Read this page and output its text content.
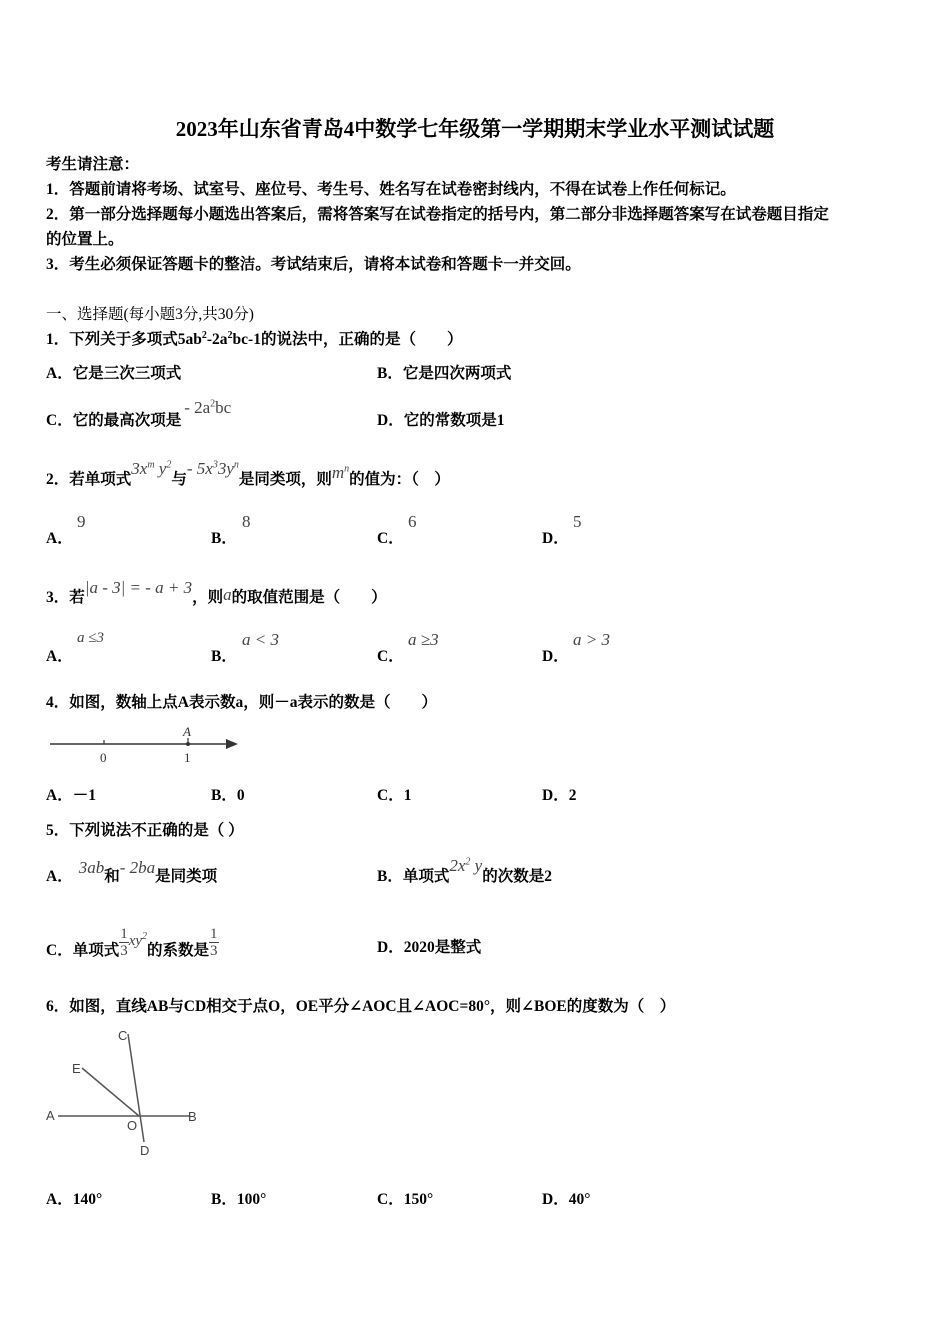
2023年山东省青岛4中数学七年级第一学期期末学业水平测试试题
考生请注意：
1．答题前请将考场、试室号、座位号、考生号、姓名写在试卷密封线内，不得在试卷上作任何标记。
2．第一部分选择题每小题选出答案后，需将答案写在试卷指定的括号内，第二部分非选择题答案写在试卷题目指定
的位置上。
3．考生必须保证答题卡的整洁。考试结束后，请将本试卷和答题卡一并交回。
一、选择题(每小题3分,共30分)
1．下列关于多项式$5ab^2-2a^2bc-1$的说法中，正确的是（　　）
A．它是三次三项式	B．它是四次两项式
C．它的最高次项是- $2a^2bc$
D．它的常数项是1
2．若单项式$3x^m$ $y^2$与- $5x^33y^n$是同类项，则$m^n$的值为：（　）
A．
9
B．
8
C．
6
D．
5
3．若|a - 3| = - a + 3，则a的取值范围是（　　）
A．
a ≤3
B．
a < 3
C．
a ≥3
D．
a > 3
4．如图，数轴上点A表示数a，则－a表示的数是（　　）
A
0	1
A．－1	B．0	C．1	D．2
5．下列说法不正确的是（ ）
A． 3ab和- 2ba是同类项	B．单项式$2x^2$ y的次数是2
C．单项式 $\frac{1}{3} xy^2$的系数是 $\frac{1}{3}$	D．2020是整式
6．如图，直线AB与CD相交于点O，OE平分∠AOC且∠AOC=80°，则∠BOE的度数为（　）
A	B
C
D
E
O
A．140°	B．100°	C．150°	D．40°
